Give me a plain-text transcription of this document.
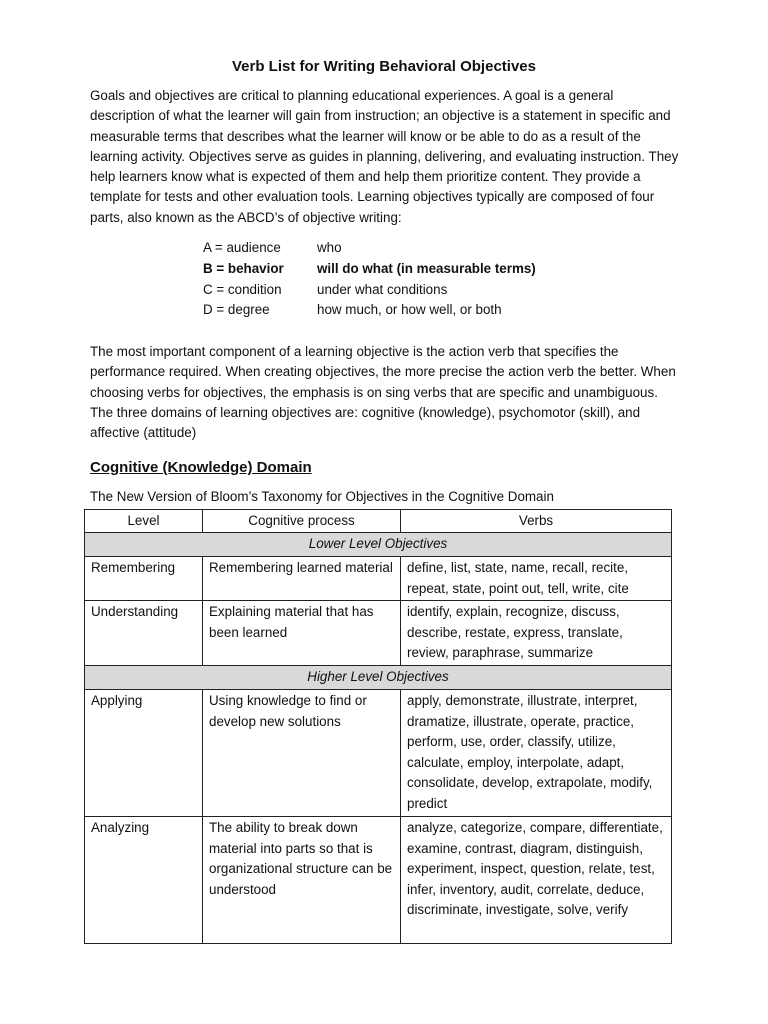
Verb List for Writing Behavioral Objectives

Goals and objectives are critical to planning educational experiences. A goal is a general description of what the learner will gain from instruction; an objective is a statement in specific and measurable terms that describes what the learner will know or be able to do as a result of the learning activity. Objectives serve as guides in planning, delivering, and evaluating instruction. They help learners know what is expected of them and help them prioritize content. They provide a template for tests and other evaluation tools. Learning objectives typically are composed of four parts, also known as the ABCD’s of objective writing:

A = audience	who
B = behavior	will do what (in measurable terms)
C = condition	under what conditions
D = degree	how much, or how well, or both

The most important component of a learning objective is the action verb that specifies the performance required. When creating objectives, the more precise the action verb the better. When choosing verbs for objectives, the emphasis is on sing verbs that are specific and unambiguous. The three domains of learning objectives are: cognitive (knowledge), psychomotor (skill), and affective (attitude)

Cognitive (Knowledge) Domain
The New Version of Bloom’s Taxonomy for Objectives in the Cognitive Domain
Level	Cognitive process	Verbs
Lower Level Objectives		
Remembering	Remembering learned material	define, list, state, name, recall, recite, repeat, state, point out, tell, write, cite
Understanding	Explaining material that has been learned	identify, explain, recognize, discuss, describe, restate, express, translate, review, paraphrase, summarize
Higher Level Objectives		
Applying	Using knowledge to find or develop new solutions	apply, demonstrate, illustrate, interpret, dramatize, illustrate, operate, practice, perform, use, order, classify, utilize, calculate, employ, interpolate, adapt, consolidate, develop, extrapolate, modify, predict
Analyzing	The ability to break down material into parts so that is organizational structure can be understood	analyze, categorize, compare, differentiate, examine, contrast, diagram, distinguish, experiment, inspect, question, relate, test, infer, inventory, audit, correlate, deduce, discriminate, investigate, solve, verify
